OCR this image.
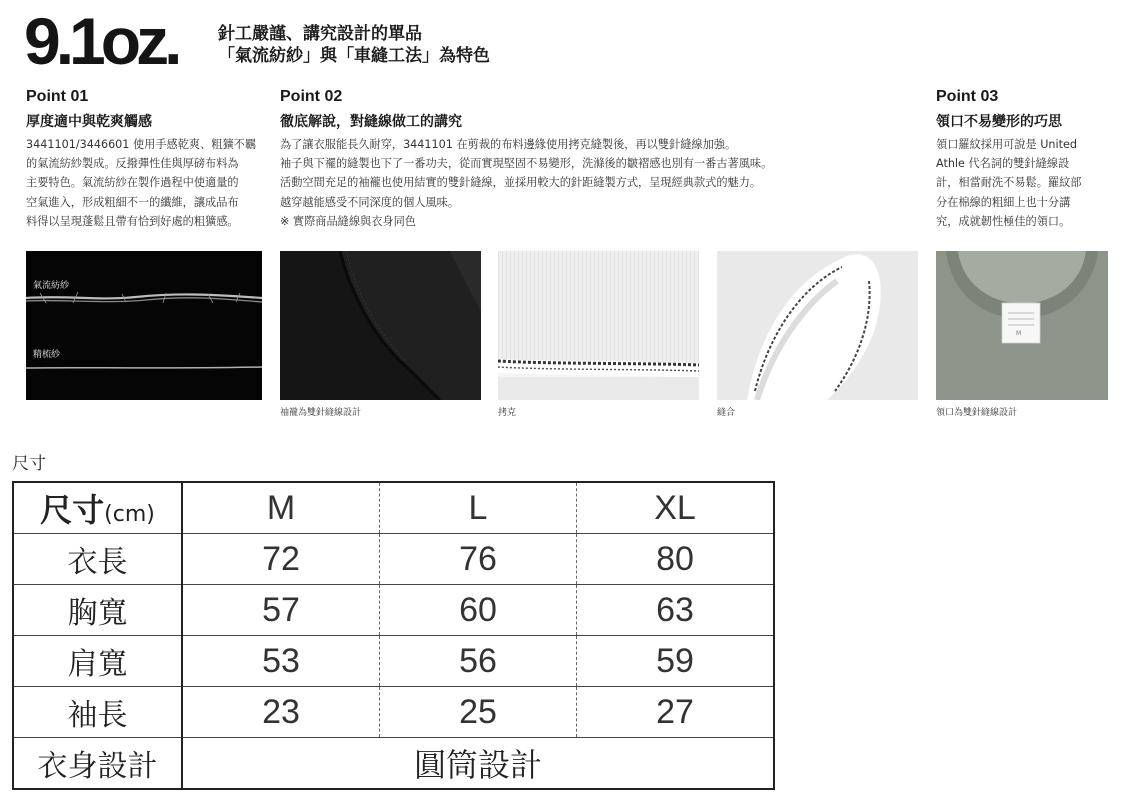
9.1oz. 針工嚴謹、講究設計的單品
「氣流紡紗」與「車縫工法」為特色
Point 01
厚度適中與乾爽觸感
3441101/3446601 使用手感乾爽、粗獷不羈
的氣流紡紗製成。反撥彈性佳與厚磅布料為
主要特色。氣流紡紗在製作過程中使適量的
空氣進入，形成粗細不一的纖維，讓成品布
料得以呈現蓬鬆且帶有恰到好處的粗獷感。
Point 02
徹底解說，對縫線做工的講究
為了讓衣服能長久耐穿，3441101 在剪裁的布料邊緣使用拷克縫製後，再以雙針縫線加強。
袖子與下襬的縫製也下了一番功夫，從而實現堅固不易變形，洗滌後的皺褶感也別有一番古著風味。
活動空間充足的袖襱也使用結實的雙針縫線，並採用較大的針距縫製方式，呈現經典款式的魅力。
越穿越能感受不同深度的個人風味。
※ 實際商品縫線與衣身同色
Point 03
領口不易變形的巧思
領口羅紋採用可說是 United
Athle 代名詞的雙針縫線設
計，相當耐洗不易鬆。羅紋部
分在棉線的粗細上也十分講
究，成就韌性極佳的領口。
氣流紡紗
精梳紗
M
袖襱為雙針縫線設計	拷克	縫合	領口為雙針縫線設計
尺寸
尺寸(cm)	M	L	XL
衣長	72	76	80
胸寬	57	60	63
肩寬	53	56	59
袖長	23	25	27
衣身設計	圓筒設計		
